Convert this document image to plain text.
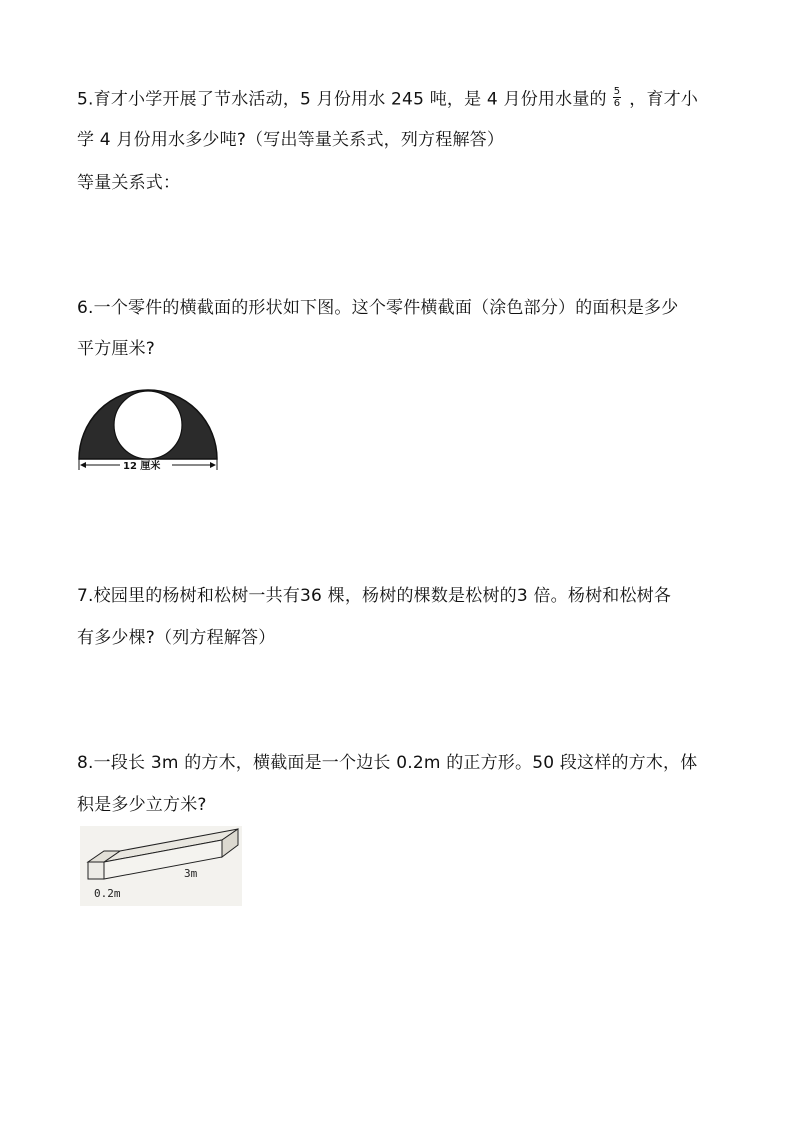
5.育才小学开展了节水活动，5 月份用水 245 吨，是 4 月份用水量的 $\frac{5}{6}$ ，育才小
学 4 月份用水多少吨?（写出等量关系式，列方程解答）
等量关系式：
6.一个零件的横截面的形状如下图。这个零件横截面（涂色部分）的面积是多少
平方厘米?
12 厘米
7.校园里的杨树和松树一共有36 棵，杨树的棵数是松树的3 倍。杨树和松树各
有多少棵?（列方程解答）
8.一段长 3m 的方木，横截面是一个边长 0.2m 的正方形。50 段这样的方木，体
积是多少立方米?
3m
0.2m
